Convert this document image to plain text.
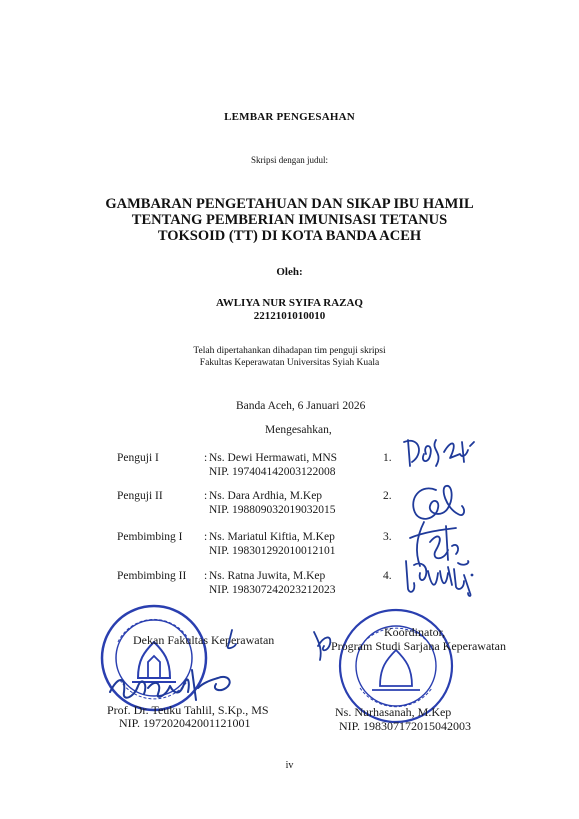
LEMBAR PENGESAHAN
Skripsi dengan judul:
GAMBARAN PENGETAHUAN DAN SIKAP IBU HAMIL
TENTANG PEMBERIAN IMUNISASI TETANUS
TOKSOID (TT) DI KOTA BANDA ACEH
Oleh:
AWLIYA NUR SYIFA RAZAQ
2212101010010
Telah dipertahankan dihadapan tim penguji skripsi
Fakultas Keperawatan Universitas Syiah Kuala
Banda Aceh, 6 Januari 2026
Mengesahkan,
Penguji I	: Ns. Dewi Hermawati, MNS
NIP. 197404142003122008
1.
Penguji II	: Ns. Dara Ardhia, M.Kep
NIP. 198809032019032015
2.
Pembimbing I : Ns. Mariatul Kiftia, M.Kep
NIP. 198301292010012101
3.
Pembimbing II : Ns. Ratna Juwita, M.Kep
NIP. 198307242023212023
4.
Dekan Fakultas Keperawatan
Prof. Dr. Teuku Tahlil, S.Kp., MS
NIP. 197202042001121001
Koordinator,
Program Studi Sarjana Keperawatan
Ns. Nurhasanah, M.Kep
NIP. 198307172015042003
iv
